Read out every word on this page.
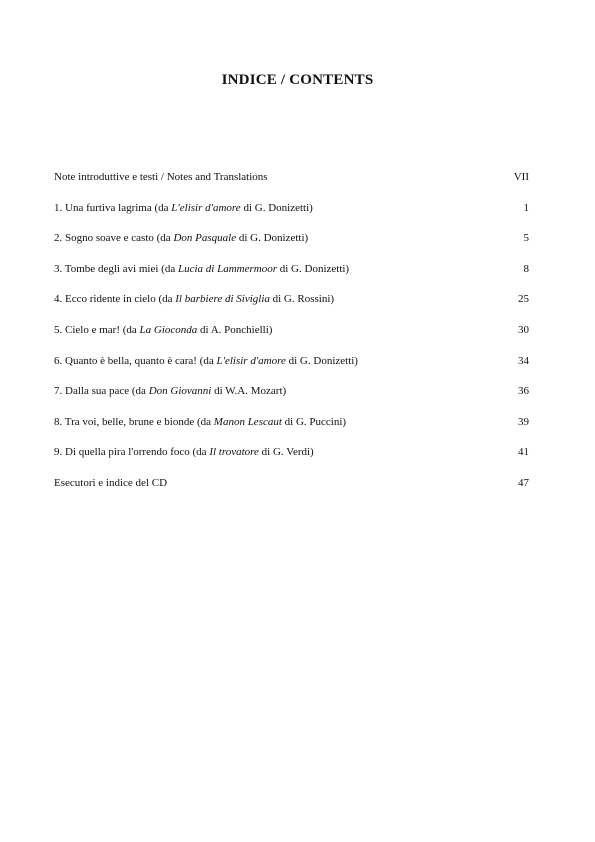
INDICE / CONTENTS
Note introduttive e testi / Notes and Translations	VII
1. Una furtiva lagrima (da L'elisir d'amore di G. Donizetti)	1
2. Sogno soave e casto (da Don Pasquale di G. Donizetti)	5
3. Tombe degli avi miei (da Lucia di Lammermoor di G. Donizetti)	8
4. Ecco ridente in cielo (da Il barbiere di Siviglia di G. Rossini)	25
5. Cielo e mar! (da La Gioconda di A. Ponchielli)	30
6. Quanto è bella, quanto è cara! (da L'elisir d'amore di G. Donizetti)	34
7. Dalla sua pace (da Don Giovanni di W.A. Mozart)	36
8. Tra voi, belle, brune e bionde (da Manon Lescaut di G. Puccini)	39
9. Di quella pira l'orrendo foco (da Il trovatore di G. Verdi)	41
Esecutori e indice del CD	47
